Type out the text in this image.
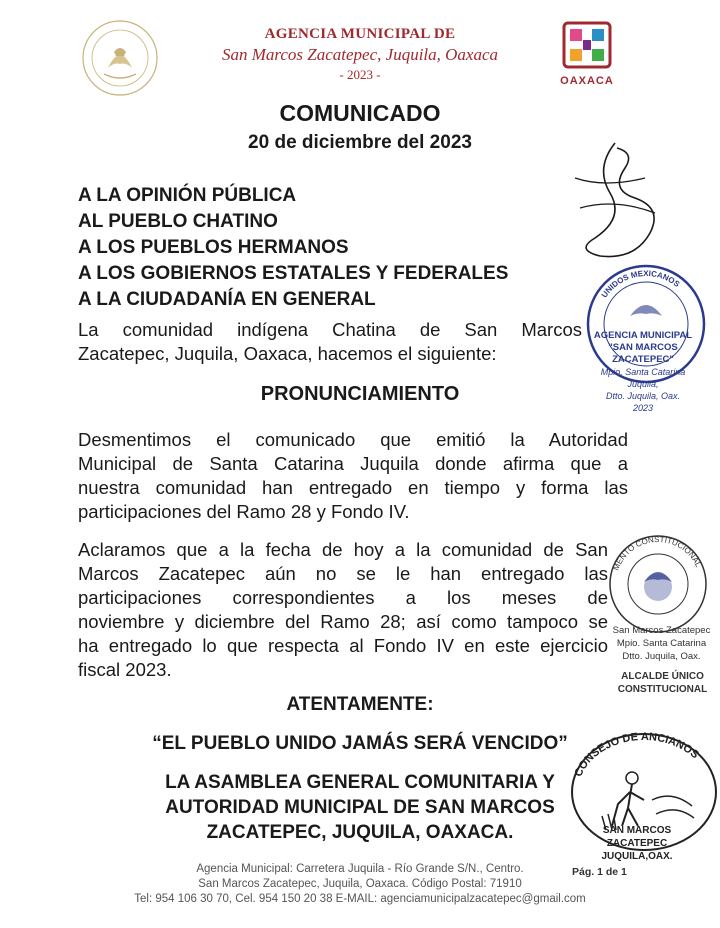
AGENCIA MUNICIPAL DE
San Marcos Zacatepec, Juquila, Oaxaca
- 2023 -	OAXACA
COMUNICADO
20 de diciembre del 2023
A LA OPINIÓN PÚBLICA
AL PUEBLO CHATINO
A LOS PUEBLOS HERMANOS
A LOS GOBIERNOS ESTATALES Y FEDERALES
A LA CIUDADANÍA EN GENERAL
La comunidad indígena Chatina de San Marcos
Zacatepec, Juquila, Oaxaca, hacemos el siguiente:
PRONUNCIAMIENTO
Desmentimos el comunicado que emitió la Autoridad
Municipal de Santa Catarina Juquila donde afirma que a
nuestra comunidad han entregado en tiempo y forma las
participaciones del Ramo 28 y Fondo IV.
Aclaramos que a la fecha de hoy a la comunidad de San
Marcos Zacatepec aún no se le han entregado las
participaciones correspondientes a los meses de
noviembre y diciembre del Ramo 28; así como tampoco se
ha entregado lo que respecta al Fondo IV en este ejercicio
fiscal 2023.
ATENTAMENTE:
“EL PUEBLO UNIDO JAMÁS SERÁ VENCIDO”
LA ASAMBLEA GENERAL COMUNITARIA Y
AUTORIDAD MUNICIPAL DE SAN MARCOS
ZACATEPEC, JUQUILA, OAXACA.
UNIDOS MEXICANOS
AGENCIA MUNICIPAL
"SAN MARCOS
ZACATEPEC"
Mpio. Santa Catarina
Juquila,
Dtto. Juquila, Oax.
2023
MENTO CONSTITUCIONAL
San Marcos Zacatepec
Mpio. Santa Catarina
Dtto. Juquila, Oax.
ALCALDE ÚNICO
CONSTITUCIONAL
CONSEJO DE ANCIANOS
SAN MARCOS ZACATEPEC
JUQUILA,OAX.
Agencia Municipal: Carretera Juquila - Río Grande S/N., Centro.
San Marcos Zacatepec, Juquila, Oaxaca. Código Postal: 71910
Tel: 954 106 30 70, Cel. 954 150 20 38 E-MAIL: agenciamunicipalzacatepec@gmail.com
Pág. 1 de 1
